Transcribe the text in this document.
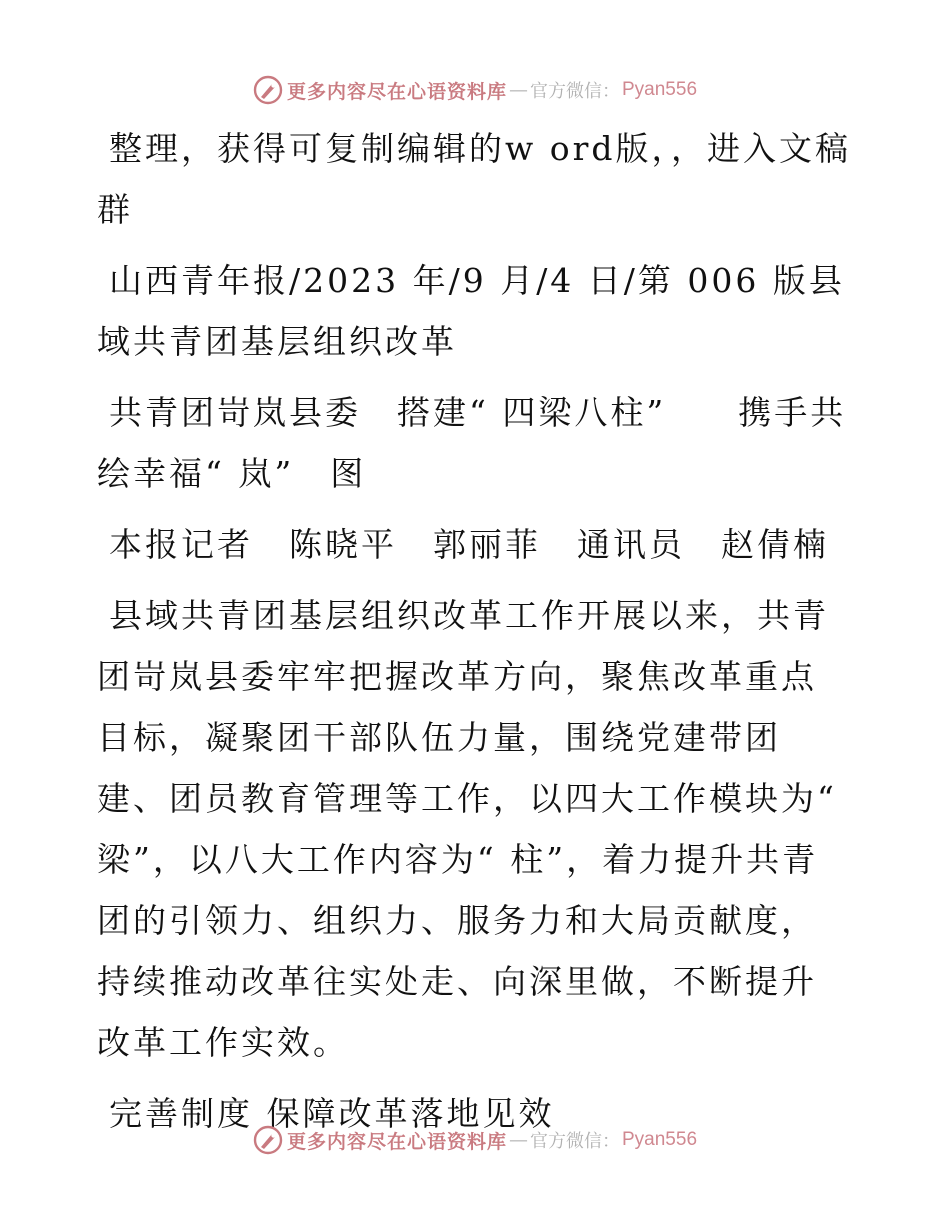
更多内容尽在心语资料库 — 官方微信： Pyan556

整理，获得可复制编辑的w ord版，，进入文稿群

山西青年报/2023 年/9 月/4 日/第 006 版县域共青团基层组织改革

共青团岢岚县委　搭建“ 四梁八柱”　　携手共绘幸福“ 岚”　图

本报记者　陈晓平　郭丽菲　通讯员　赵倩楠

县域共青团基层组织改革工作开展以来，共青团岢岚县委牢牢把握改革方向，聚焦改革重点目标，凝聚团干部队伍力量，围绕党建带团建、团员教育管理等工作，以四大工作模块为“ 梁”，以八大工作内容为“ 柱”，着力提升共青团的引领力、组织力、服务力和大局贡献度，持续推动改革往实处走、向深里做，不断提升改革工作实效。

完善制度 保障改革落地见效

更多内容尽在心语资料库 — 官方微信： Pyan556
